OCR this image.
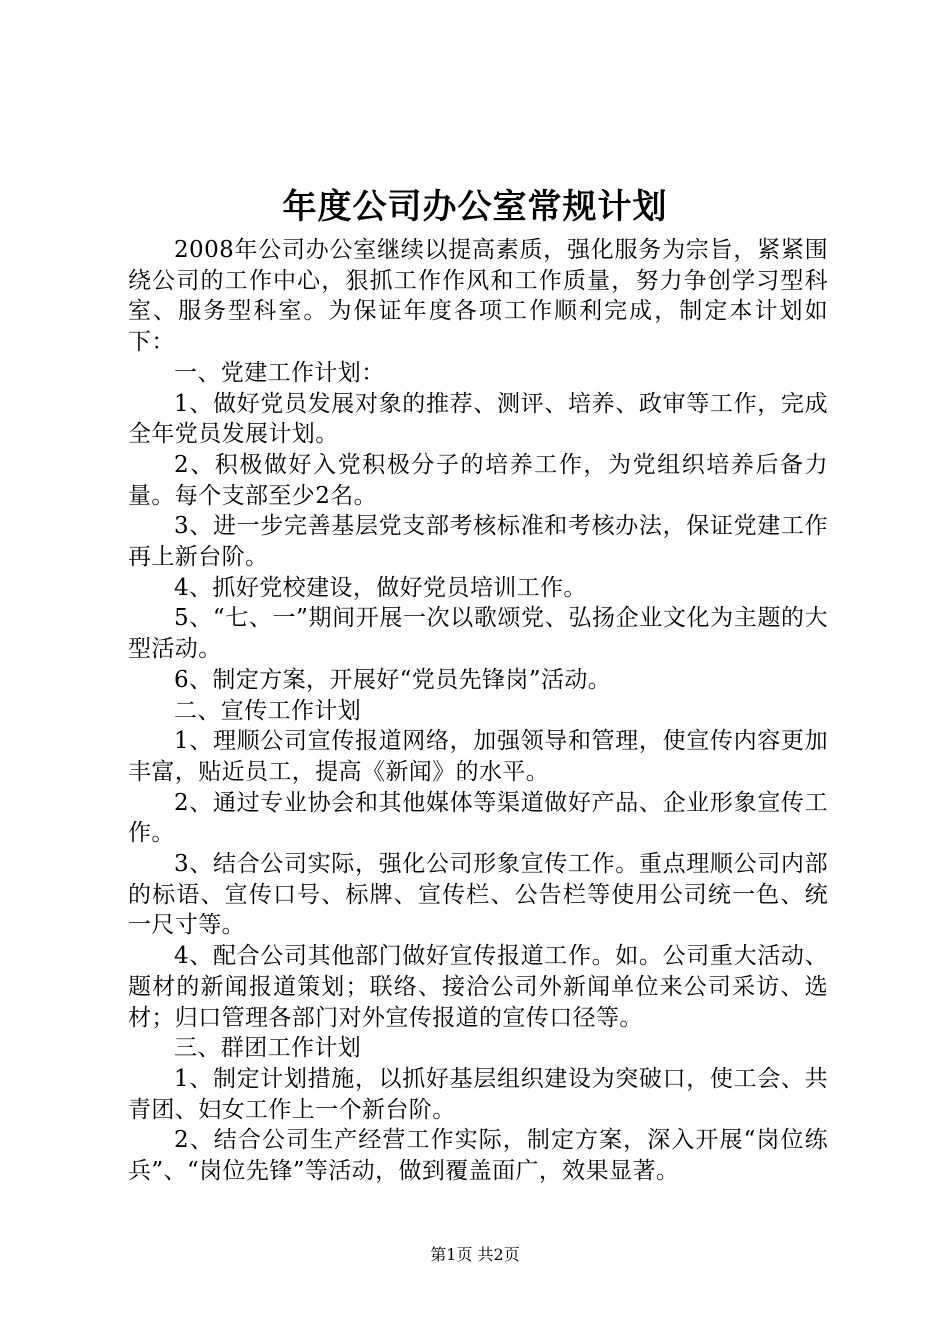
年度公司办公室常规计划

2008年公司办公室继续以提高素质，强化服务为宗旨，紧紧围绕公司的工作中心，狠抓工作作风和工作质量，努力争创学习型科室、服务型科室。为保证年度各项工作顺利完成，制定本计划如下：

一、党建工作计划：

1、做好党员发展对象的推荐、测评、培养、政审等工作，完成全年党员发展计划。

2、积极做好入党积极分子的培养工作，为党组织培养后备力量。每个支部至少2名。

3、进一步完善基层党支部考核标准和考核办法，保证党建工作再上新台阶。

4、抓好党校建设，做好党员培训工作。

5、“七、一”期间开展一次以歌颂党、弘扬企业文化为主题的大型活动。

6、制定方案，开展好“党员先锋岗”活动。

二、宣传工作计划

1、理顺公司宣传报道网络，加强领导和管理，使宣传内容更加丰富，贴近员工，提高《新闻》的水平。

2、通过专业协会和其他媒体等渠道做好产品、企业形象宣传工作。

3、结合公司实际，强化公司形象宣传工作。重点理顺公司内部的标语、宣传口号、标牌、宣传栏、公告栏等使用公司统一色、统一尺寸等。

4、配合公司其他部门做好宣传报道工作。如。公司重大活动、题材的新闻报道策划；联络、接洽公司外新闻单位来公司采访、选材；归口管理各部门对外宣传报道的宣传口径等。

三、群团工作计划

1、制定计划措施，以抓好基层组织建设为突破口，使工会、共青团、妇女工作上一个新台阶。

2、结合公司生产经营工作实际，制定方案，深入开展“岗位练兵”、“岗位先锋”等活动，做到覆盖面广，效果显著。

第1页 共2页
